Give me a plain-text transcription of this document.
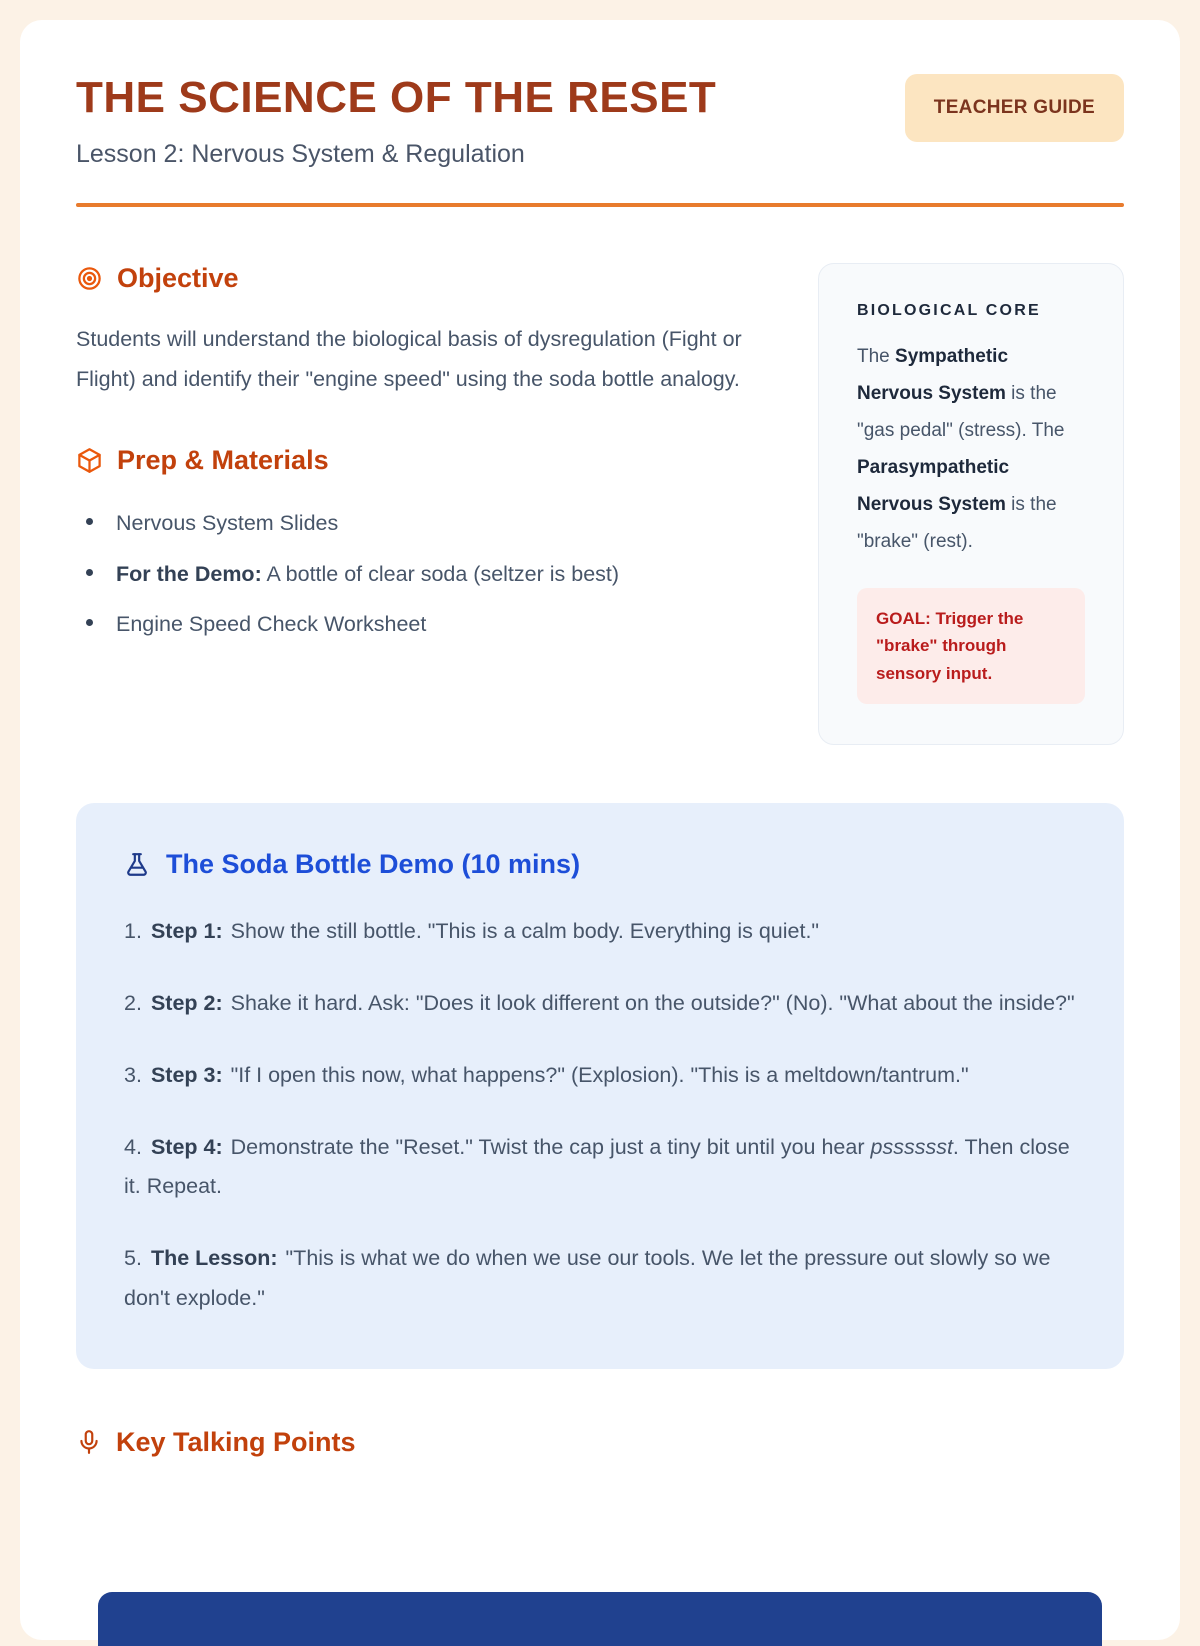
THE SCIENCE OF THE RESET

Lesson 2: Nervous System & Regulation

TEACHER GUIDE
Objective

Students will understand the biological basis of dysregulation (Fight or Flight) and identify their "engine speed" using the soda bottle analogy.

Prep & Materials
Nervous System Slides
For the Demo: A bottle of clear soda (seltzer is best)
Engine Speed Check Worksheet
BIOLOGICAL CORE

The Sympathetic Nervous System is the "gas pedal" (stress). The Parasympathetic Nervous System is the "brake" (rest).

GOAL: Trigger the "brake" through sensory input.
The Soda Bottle Demo (10 mins)
1. Step 1: Show the still bottle. "This is a calm body. Everything is quiet."
2. Step 2: Shake it hard. Ask: "Does it look different on the outside?" (No). "What about the inside?"
3. Step 3: "If I open this now, what happens?" (Explosion). "This is a meltdown/tantrum."
4. Step 4: Demonstrate the "Reset." Twist the cap just a tiny bit until you hear psssssst. Then close it. Repeat.
5. The Lesson: "This is what we do when we use our tools. We let the pressure out slowly so we don't explode."
Key Talking Points
